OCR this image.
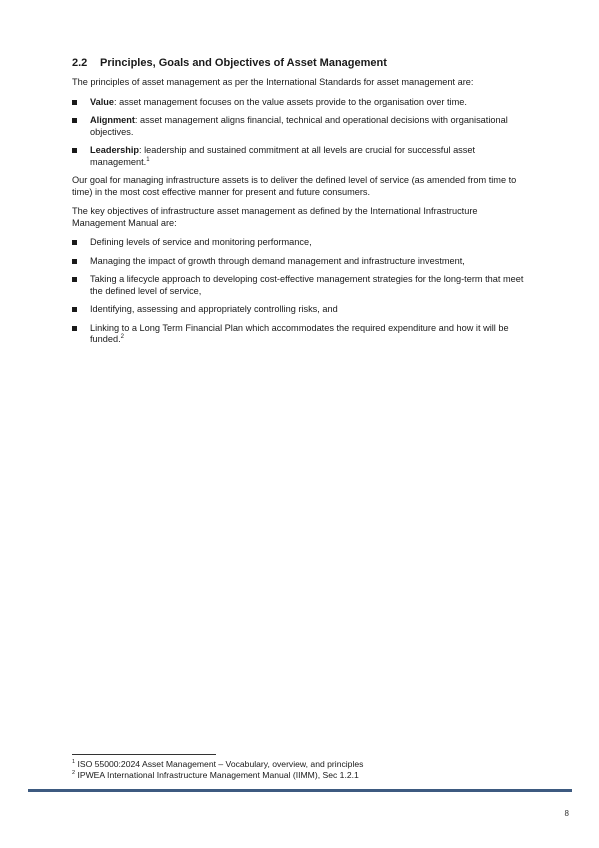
2.2 Principles, Goals and Objectives of Asset Management

The principles of asset management as per the International Standards for asset management are:

Value: asset management focuses on the value assets provide to the organisation over time.
Alignment: asset management aligns financial, technical and operational decisions with organisational objectives.
Leadership: leadership and sustained commitment at all levels are crucial for successful asset management.$^1$

Our goal for managing infrastructure assets is to deliver the defined level of service (as amended from time to time) in the most cost effective manner for present and future consumers.

The key objectives of infrastructure asset management as defined by the International Infrastructure Management Manual are:

Defining levels of service and monitoring performance,
Managing the impact of growth through demand management and infrastructure investment,
Taking a lifecycle approach to developing cost-effective management strategies for the long-term that meet the defined level of service,
Identifying, assessing and appropriately controlling risks, and
Linking to a Long Term Financial Plan which accommodates the required expenditure and how it will be funded.$^2$

$^1$ ISO 55000:2024 Asset Management – Vocabulary, overview, and principles

$^2$ IPWEA International Infrastructure Management Manual (IIMM), Sec 1.2.1

8
